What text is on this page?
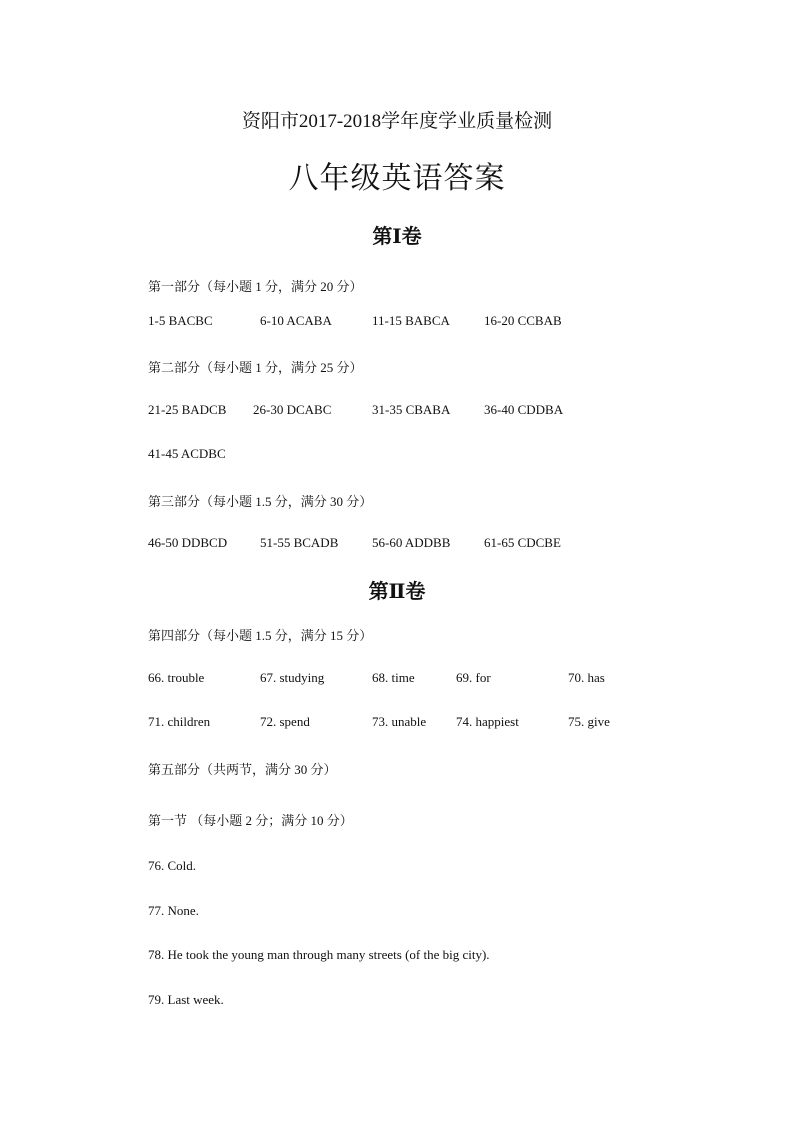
资阳市2017-2018学年度学业质量检测
八年级英语答案
第Ⅰ卷
第一部分（每小题 1 分，满分 20 分）
1-5 BACBC	6-10 ACABA	11-15 BABCA	16-20 CCBAB
第二部分（每小题 1 分，满分 25 分）
21-25 BADCB 26-30 DCABC	31-35 CBABA	36-40 CDDBA
41-45 ACDBC
第三部分（每小题 1.5 分，满分 30 分）
46-50 DDBCD	51-55 BCADB	56-60 ADDBB	61-65 CDCBE
第Ⅱ卷
第四部分（每小题 1.5 分，满分 15 分）
66. trouble	67. studying	68. time	69. for	70. has
71. children	72. spend	73. unable 74. happiest	75. give
第五部分（共两节，满分 30 分）
第一节 （每小题 2 分；满分 10 分）
76. Cold.
77. None.
78. He took the young man through many streets (of the big city).
79. Last week.
